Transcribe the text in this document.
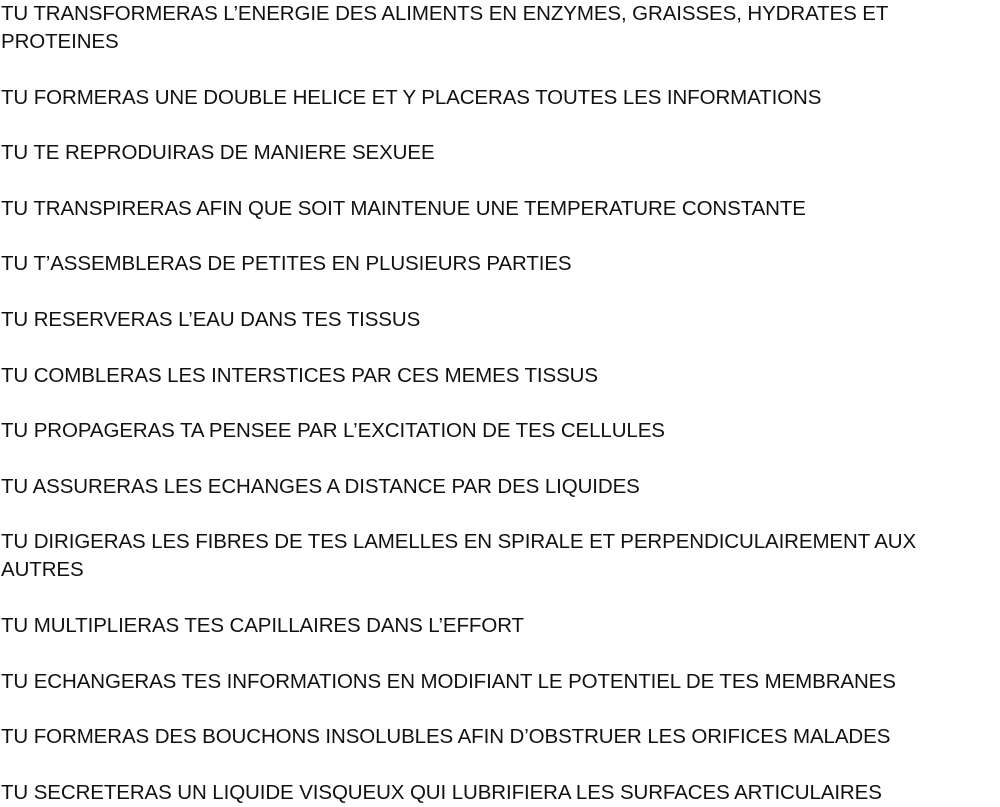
TU TRANSFORMERAS L’ENERGIE DES ALIMENTS EN ENZYMES, GRAISSES, HYDRATES ET PROTEINES

TU FORMERAS UNE DOUBLE HELICE ET Y PLACERAS TOUTES LES INFORMATIONS

TU TE REPRODUIRAS DE MANIERE SEXUEE

TU TRANSPIRERAS AFIN QUE SOIT MAINTENUE UNE TEMPERATURE CONSTANTE

TU T’ASSEMBLERAS DE PETITES EN PLUSIEURS PARTIES

TU RESERVERAS L’EAU DANS TES TISSUS

TU COMBLERAS LES INTERSTICES PAR CES MEMES TISSUS

TU PROPAGERAS TA PENSEE PAR L’EXCITATION DE TES CELLULES

TU ASSURERAS LES ECHANGES A DISTANCE PAR DES LIQUIDES

TU DIRIGERAS LES FIBRES DE TES LAMELLES EN SPIRALE ET PERPENDICULAIREMENT AUX AUTRES

TU MULTIPLIERAS TES CAPILLAIRES DANS L’EFFORT

TU ECHANGERAS TES INFORMATIONS EN MODIFIANT LE POTENTIEL DE TES MEMBRANES

TU FORMERAS DES BOUCHONS INSOLUBLES AFIN D’OBSTRUER LES ORIFICES MALADES

TU SECRETERAS UN LIQUIDE VISQUEUX QUI LUBRIFIERA LES SURFACES ARTICULAIRES
